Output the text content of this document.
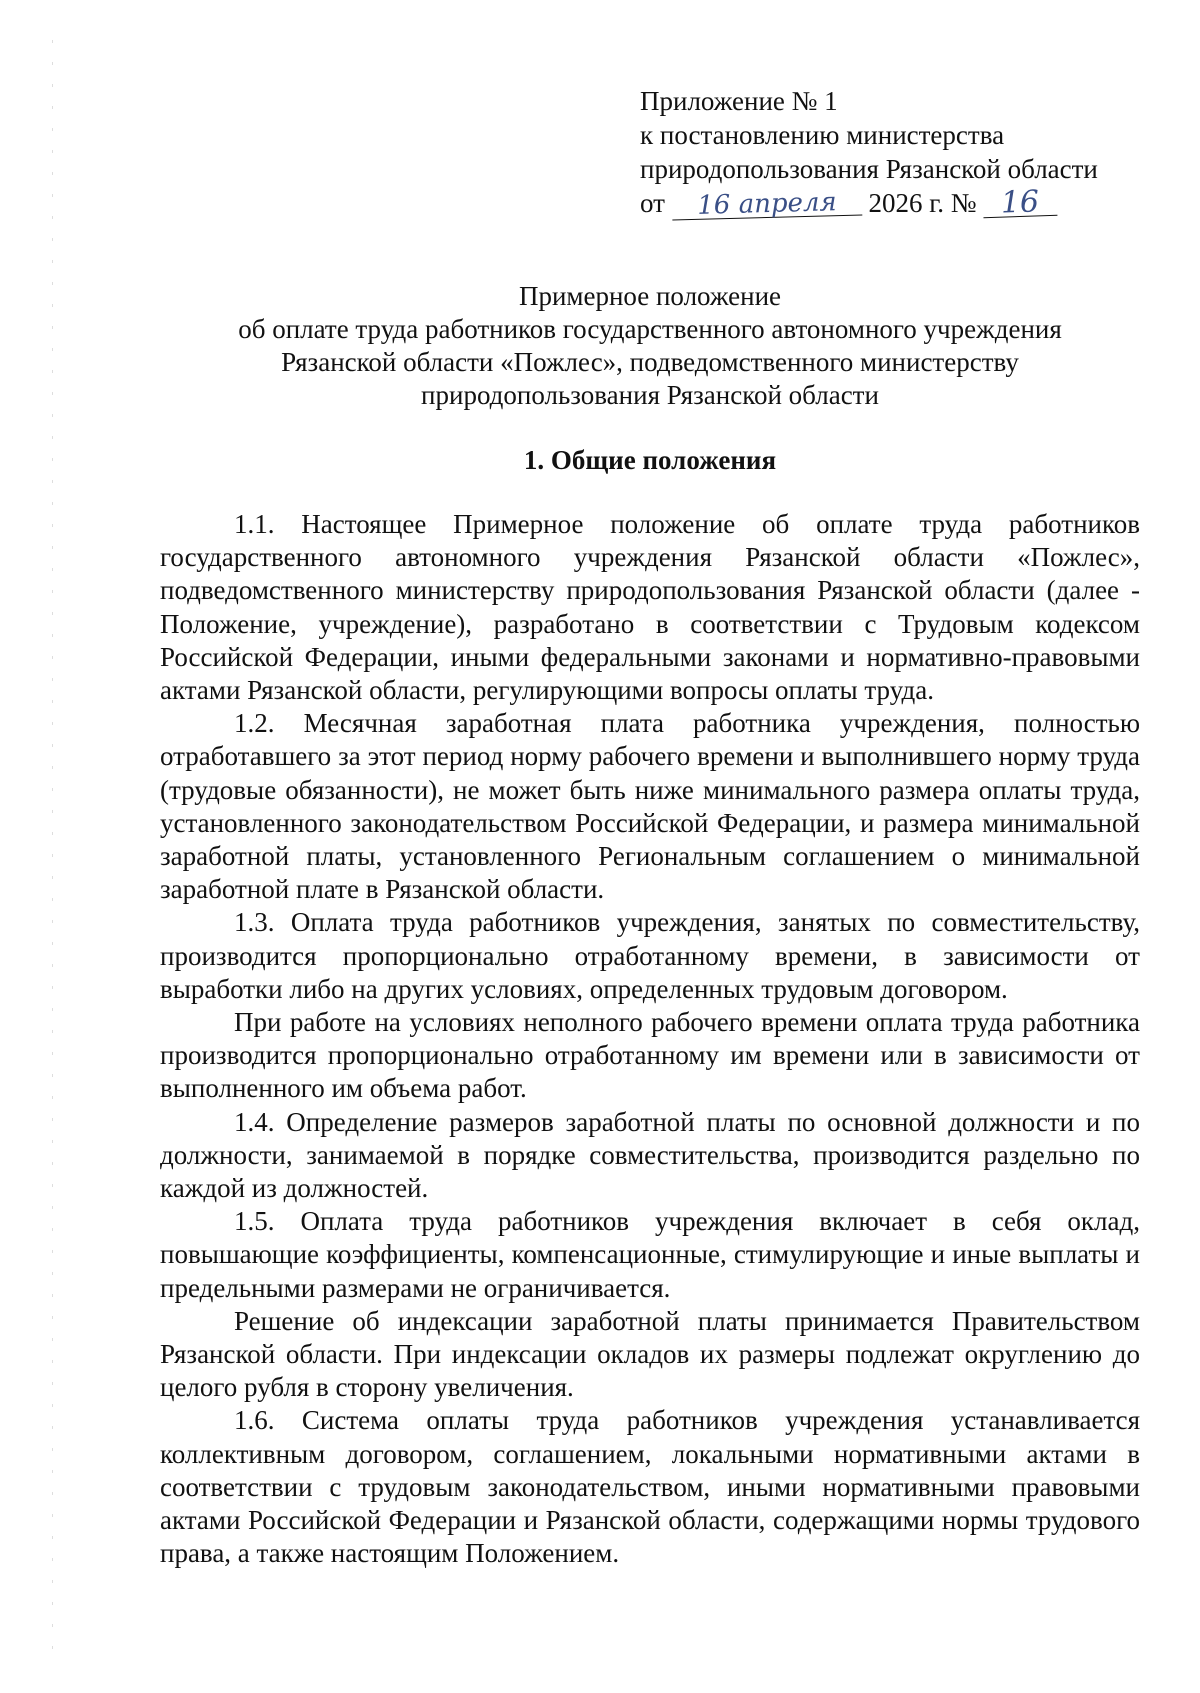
Приложение № 1
к постановлению министерства
природопользования Рязанской области
от 16 апреля 2026 г. № 16
Примерное положение
об оплате труда работников государственного автономного учреждения
Рязанской области «Пожлес», подведомственного министерству
природопользования Рязанской области
1. Общие положения

1.1. Настоящее Примерное положение об оплате труда работников государственного автономного учреждения Рязанской области «Пожлес», подведомственного министерству природопользования Рязанской области (далее - Положение, учреждение), разработано в соответствии с Трудовым кодексом Российской Федерации, иными федеральными законами и нормативно-правовыми актами Рязанской области, регулирующими вопросы оплаты труда.

1.2. Месячная заработная плата работника учреждения, полностью отработавшего за этот период норму рабочего времени и выполнившего норму труда (трудовые обязанности), не может быть ниже минимального размера оплаты труда, установленного законодательством Российской Федерации, и размера минимальной заработной платы, установленного Региональным соглашением о минимальной заработной плате в Рязанской области.

1.3. Оплата труда работников учреждения, занятых по совместительству, производится пропорционально отработанному времени, в зависимости от выработки либо на других условиях, определенных трудовым договором.

При работе на условиях неполного рабочего времени оплата труда работника производится пропорционально отработанному им времени или в зависимости от выполненного им объема работ.

1.4. Определение размеров заработной платы по основной должности и по должности, занимаемой в порядке совместительства, производится раздельно по каждой из должностей.

1.5. Оплата труда работников учреждения включает в себя оклад, повышающие коэффициенты, компенсационные, стимулирующие и иные выплаты и предельными размерами не ограничивается.

Решение об индексации заработной платы принимается Правительством Рязанской области. При индексации окладов их размеры подлежат округлению до целого рубля в сторону увеличения.

1.6. Система оплаты труда работников учреждения устанавливается коллективным договором, соглашением, локальными нормативными актами в соответствии с трудовым законодательством, иными нормативными правовыми актами Российской Федерации и Рязанской области, содержащими нормы трудового права, а также настоящим Положением.
